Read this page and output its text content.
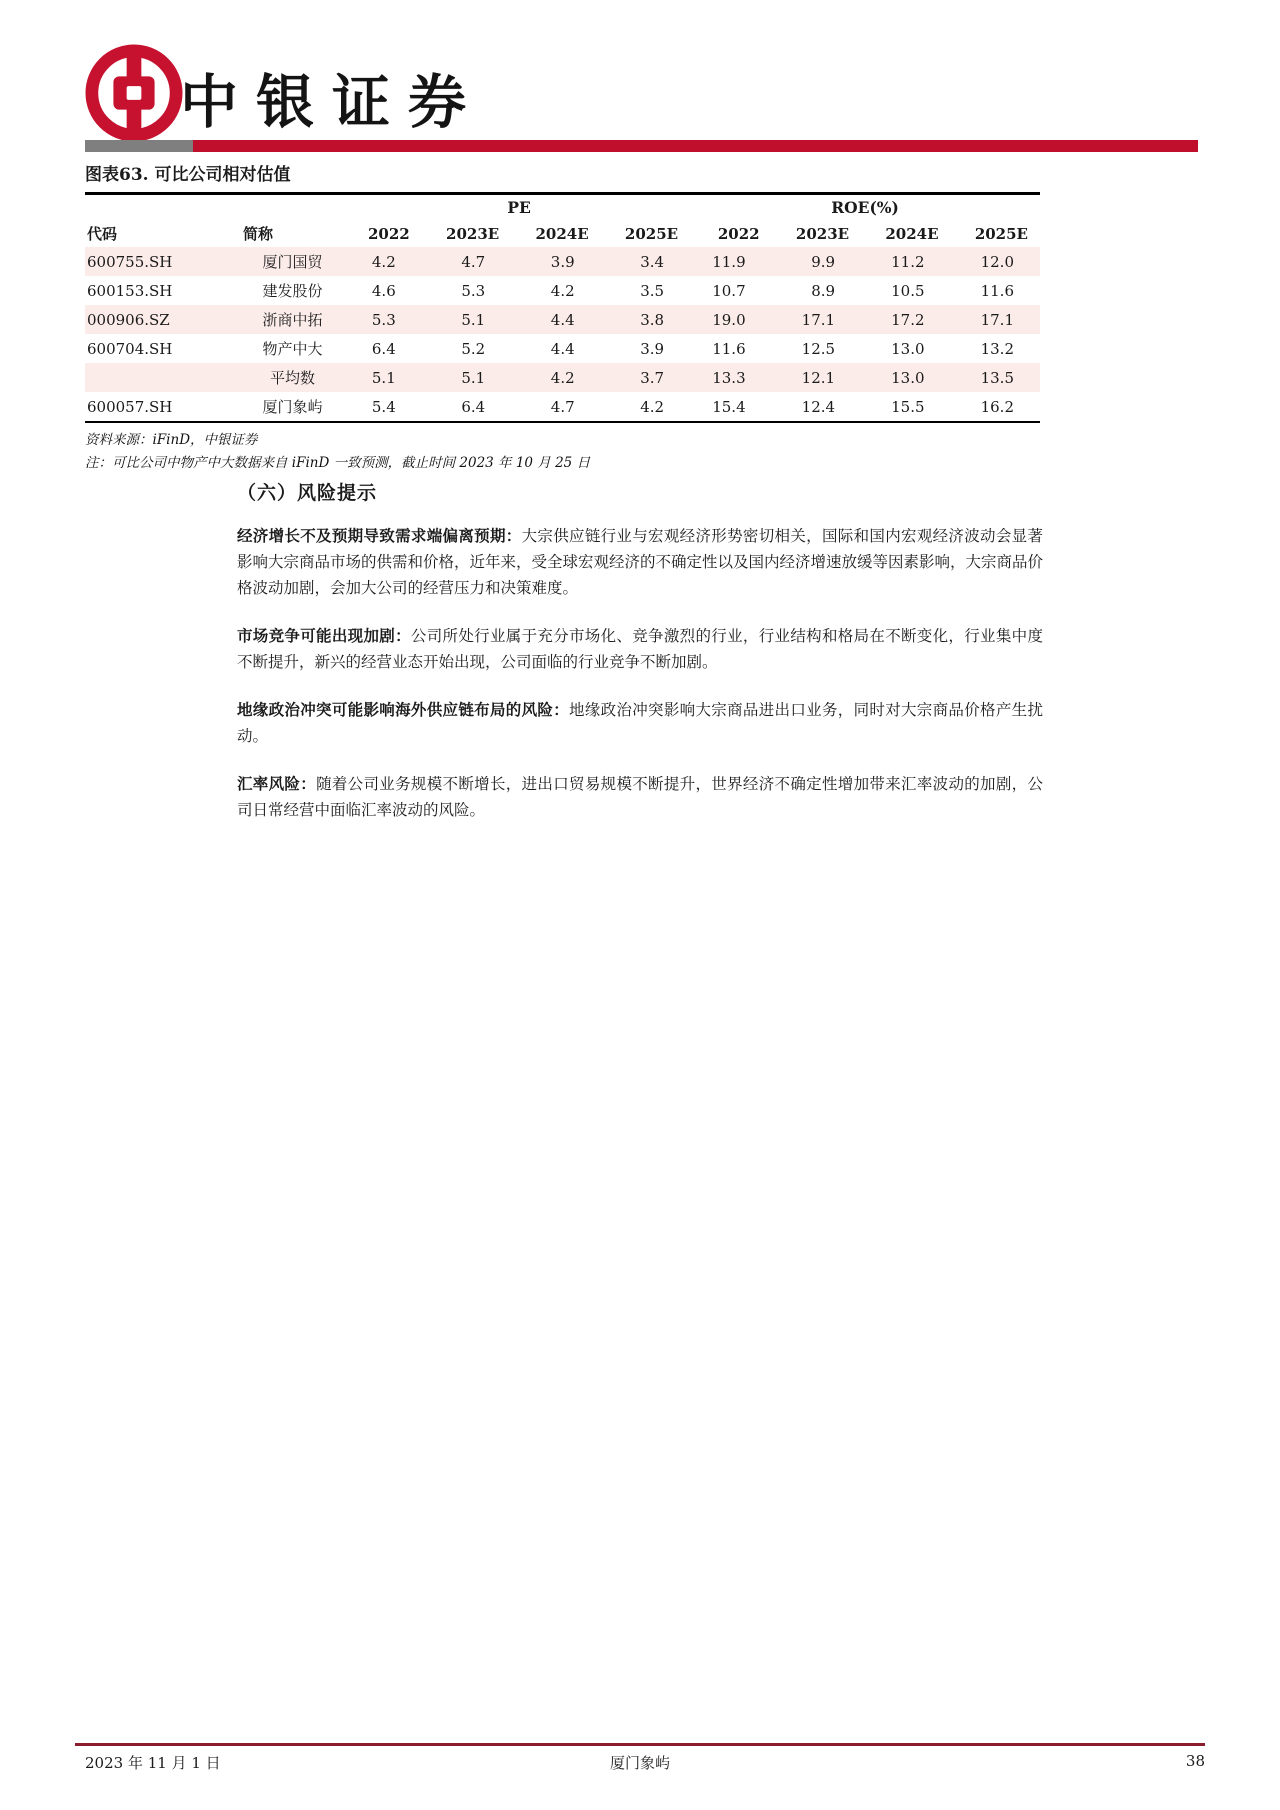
中银证券
图表63. 可比公司相对估值
		PE				ROE(%)			
代码	简称	2022	2023E	2024E	2025E	2022	2023E	2024E	2025E
600755.SH	厦门国贸	4.2	4.7	3.9	3.4	11.9	9.9	11.2	12.0
600153.SH	建发股份	4.6	5.3	4.2	3.5	10.7	8.9	10.5	11.6
000906.SZ	浙商中拓	5.3	5.1	4.4	3.8	19.0	17.1	17.2	17.1
600704.SH	物产中大	6.4	5.2	4.4	3.9	11.6	12.5	13.0	13.2
	平均数	5.1	5.1	4.2	3.7	13.3	12.1	13.0	13.5
600057.SH	厦门象屿	5.4	6.4	4.7	4.2	15.4	12.4	15.5	16.2
资料来源：iFinD，中银证券
注：可比公司中物产中大数据来自 iFinD 一致预测，截止时间 2023 年 10 月 25 日
（六）风险提示

经济增长不及预期导致需求端偏离预期：大宗供应链行业与宏观经济形势密切相关，国际和国内宏观经济波动会显著影响大宗商品市场的供需和价格，近年来，受全球宏观经济的不确定性以及国内经济增速放缓等因素影响，大宗商品价格波动加剧，会加大公司的经营压力和决策难度。

市场竞争可能出现加剧：公司所处行业属于充分市场化、竞争激烈的行业，行业结构和格局在不断变化，行业集中度不断提升，新兴的经营业态开始出现，公司面临的行业竞争不断加剧。

地缘政治冲突可能影响海外供应链布局的风险：地缘政治冲突影响大宗商品进出口业务，同时对大宗商品价格产生扰动。

汇率风险：随着公司业务规模不断增长，进出口贸易规模不断提升，世界经济不确定性增加带来汇率波动的加剧，公司日常经营中面临汇率波动的风险。

2023 年 11 月 1 日	厦门象屿	38
